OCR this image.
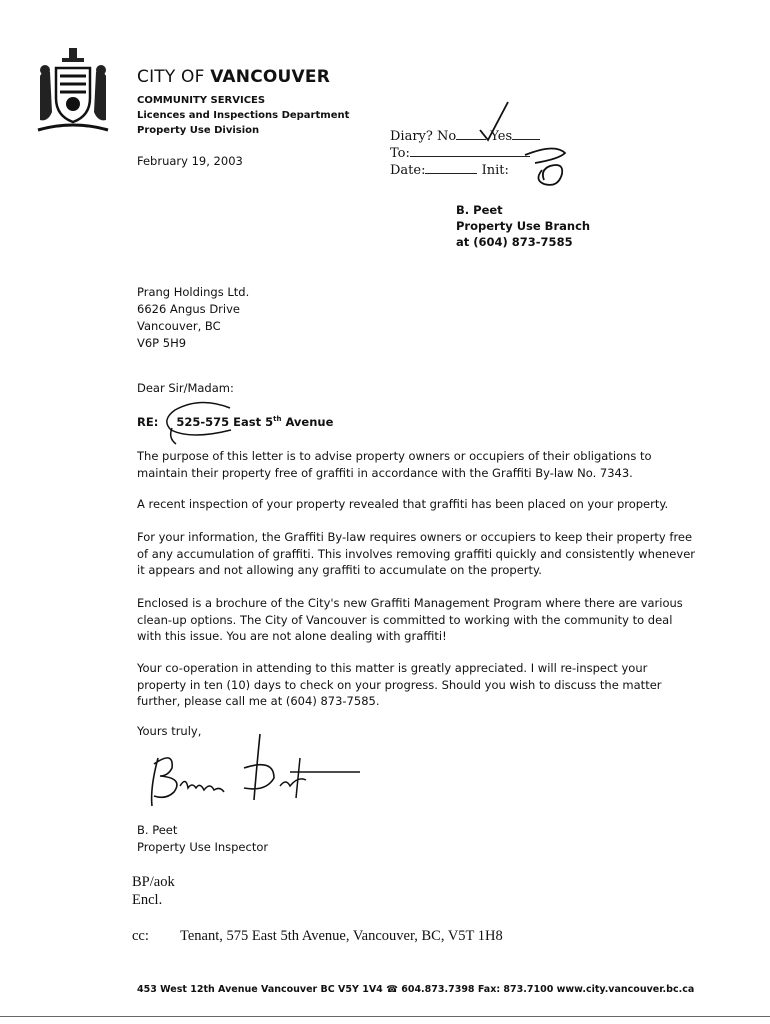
CITY OF VANCOUVER
COMMUNITY SERVICES
Licences and Inspections Department
Property Use Division
February 19, 2003
Diary? No	Yes
To:
Date:	Init:
B. Peet
Property Use Branch
at (604) 873-7585
Prang Holdings Ltd.
6626 Angus Drive
Vancouver, BC
V6P 5H9
Dear Sir/Madam:
RE: 525-575 East 5th Avenue
The purpose of this letter is to advise property owners or occupiers of their obligations to maintain their property free of graffiti in accordance with the Graffiti By-law No. 7343.
A recent inspection of your property revealed that graffiti has been placed on your property.
For your information, the Graffiti By-law requires owners or occupiers to keep their property free of any accumulation of graffiti. This involves removing graffiti quickly and consistently whenever it appears and not allowing any graffiti to accumulate on the property.
Enclosed is a brochure of the City's new Graffiti Management Program where there are various clean-up options. The City of Vancouver is committed to working with the community to deal with this issue. You are not alone dealing with graffiti!
Your co-operation in attending to this matter is greatly appreciated. I will re-inspect your property in ten (10) days to check on your progress. Should you wish to discuss the matter further, please call me at (604) 873-7585.
Yours truly,
B. Peet
Property Use Inspector
BP/aok
Encl.
cc: Tenant, 575 East 5th Avenue, Vancouver, BC, V5T 1H8
453 West 12th Avenue Vancouver BC V5Y 1V4 ☎ 604.873.7398 Fax: 873.7100 www.city.vancouver.bc.ca
